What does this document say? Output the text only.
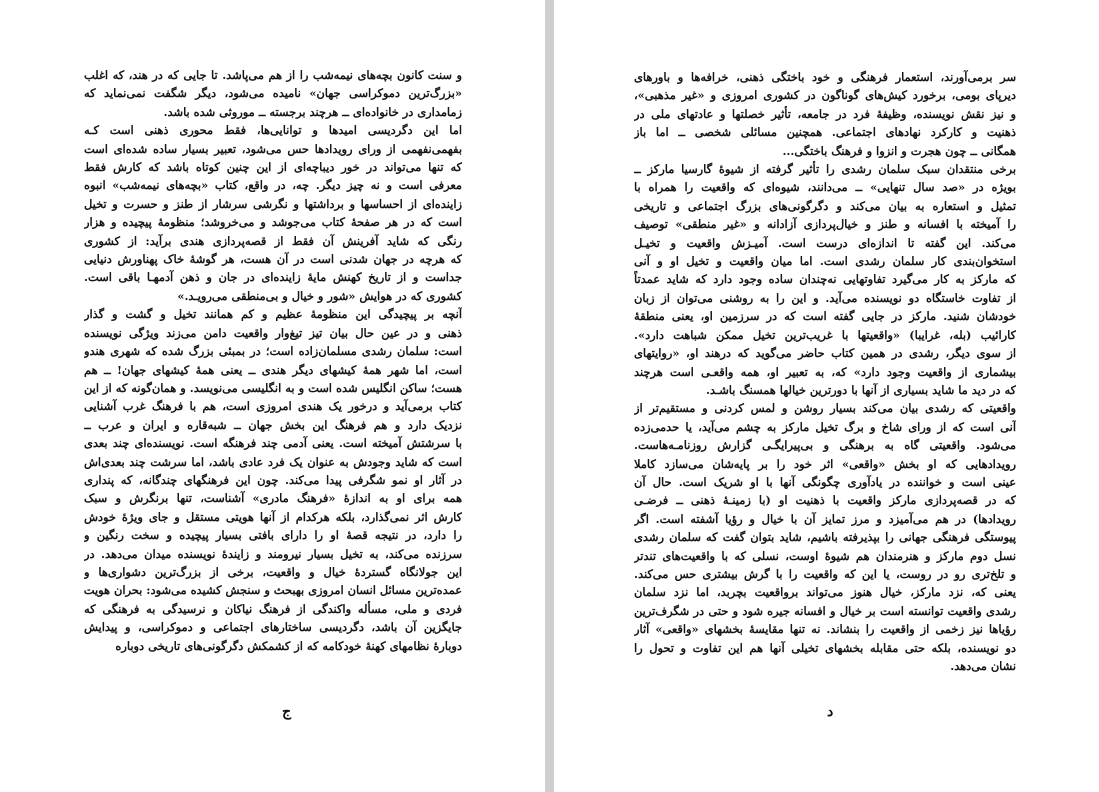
و سنت کانون بچه‌های نیمه‌شب را از هم می‌پاشد. تا جایی که در هند، که اغلب
«بزرگ‌ترین دموکراسی جهان» نامیده می‌شود، دیگر شگفت نمی‌نماید که
زمامداری در خانواده‌ای ــ هرچند برجسته ــ موروثی شده باشد.
اما این دگردیسی امیدها و توانایی‌ها، فقط محوری ذهنی است کـه
بفهمی‌نفهمی از ورای رویدادها حس می‌شود، تعبیر بسیار ساده شده‌ای است
که تنها می‌تواند در خور دیباچه‌ای از این چنین کوتاه باشد که کارش فقط
معرفی است و نه چیز دیگر. چه، در واقع، کتاب «بچه‌های نیمه‌شب» انبوه
زاینده‌ای از احساسها و برداشتها و نگرشی سرشار از طنز و حسرت و تخیل
است که در هر صفحهٔ کتاب می‌جوشد و می‌خروشد؛ منظومهٔ پیچیده و هزار
رنگی که شاید آفرینش آن فقط از قصه‌پردازی هندی برآید: از کشوری
که هرچه در جهان شدنی است در آن هست، هر گوشهٔ خاک پهناورش دنیایی
جداست و از تاریخ کهنش مایهٔ زاینده‌ای در جان و ذهن آدمهـا باقی است.
کشوری که در هوایش «شور و خیال و بی‌منطقی می‌رویـد.»
آنچه بر پیچیدگی این منظومهٔ عظیم و کم همانند تخیل و گشت و گذار
ذهنی و در عین حال بیان تیز تیغ‌وار واقعیت دامن می‌زند ویژگی نویسنده
است: سلمان رشدی مسلمان‌زاده است؛ در بمبئی بزرگ شده که شهری هندو
است، اما شهر همهٔ کیشهای دیگر هندی ــ یعنی همهٔ کیشهای جهان! ــ هم
هست؛ ساکن انگلیس شده است و به انگلیسی می‌نویسد. و همان‌گونه که از این
کتاب برمی‌آید و درخور یک هندی امروزی است، هم با فرهنگ غرب آشنایی
نزدیک دارد و هم فرهنگ این بخش جهان ــ شبه‌قاره و ایران و عرب ــ
با سرشتش آمیخته است. یعنی آدمی چند فرهنگه است. نویسنده‌ای چند بعدی
است که شاید وجودش به عنوان یک فرد عادی باشد، اما سرشت چند بعدی‌اش
در آثار او نمو شگرفی پیدا می‌کند. چون این فرهنگهای چندگانه، که پنداری
همه برای او به اندازهٔ «فرهنگ مادری» آشناست، تنها برنگرش و سبک
کارش اثر نمی‌گذارد، بلکه هرکدام از آنها هویتی مستقل و جای ویژهٔ خودش
را دارد، در نتیجه قصهٔ او را دارای بافتی بسیار پیچیده و سخت رنگین و
سرزنده می‌کند، به تخیل بسیار نیرومند و زایندهٔ نویسنده میدان می‌دهد. در
این جولانگاه گستردهٔ خیال و واقعیت، برخی از بزرگ‌ترین دشواری‌ها و
عمده‌ترین مسائل انسان امروزی بهبحث و سنجش کشیده می‌شود: بحران هویت
فردی و ملی، مسأله واکندگی از فرهنگ نیاکان و نرسیدگی به فرهنگی که
جایگزین آن باشد، دگردیسی ساختارهای اجتماعی و دموکراسی، و پیدایش
دوبارهٔ نظامهای کهنهٔ خودکامه که از کشمکش دگرگونی‌های تاریخی دوباره
ج
سر برمی‌آورند، استعمار فرهنگی و خود باختگی ذهنی، خرافه‌ها و باورهای
دیرپای بومی، برخورد کیش‌های گوناگون در کشوری امروزی و «غیر مذهبی»،
و نیز نقش نویسنده، وظیفهٔ فرد در جامعه، تأثیر خصلتها و عادتهای ملی در
ذهنیت و کارکرد نهادهای اجتماعی. همچنین مسائلی شخصی ــ اما باز
همگانی ــ چون هجرت و انزوا و فرهنگ باختگی...
برخی منتقدان سبک سلمان رشدی را تأثیر گرفته از شیوهٔ گارسیا مارکز ــ
بویژه در «صد سال تنهایی» ــ می‌دانند، شیوه‌ای که واقعیت را همراه با
تمثیل و استعاره به بیان می‌کند و دگرگونی‌های بزرگ اجتماعی و تاریخی
را آمیخته با افسانه و طنز و خیال‌پردازی آزادانه و «غیر منطقی» توصیف
می‌کند. این گفته تا اندازه‌ای درست است. آمیـزش واقعیت و تخیـل
استخوان‌بندی کار سلمان رشدی است. اما میان واقعیت و تخیل او و آنی
که مارکز به کار می‌گیرد تفاوتهایی نه‌چندان ساده وجود دارد که شاید عمدتاً
از تفاوت خاستگاه دو نویسنده می‌آید. و این را به روشنی می‌توان از زبان
خودشان شنید. مارکز در جایی گفته است که در سرزمین او، یعنی منطقهٔ
کارائیب (بله، غرایبا) «واقعیتها با غریب‌ترین تخیل ممکن شباهت دارد».
از سوی دیگر، رشدی در همین کتاب حاضر می‌گوید که درهند او، «روایتهای
بیشماری از واقعیت وجود دارد» که، به تعبیر او، همه واقعـی است هرچند
که در دید ما شاید بسیاری از آنها با دورترین خیالها همسنگ باشـد.
واقعیتی که رشدی بیان می‌کند بسیار روشن و لمس کردنی و مستقیم‌تر از
آنی است که از ورای شاخ و برگ تخیل مارکز به چشم می‌آید، یا حدمی‌زده
می‌شود. واقعیتی گاه به برهنگی و بی‌پیرایگـی گزارش روزنامـه‌هاست.
رویدادهایی که او بخش «واقعی» اثر خود را بر پایه‌شان می‌سازد کاملا
عینی است و خواننده در یادآوری چگونگی آنها با او شریک است. حال آن
که در قصه‌پردازی مارکز واقعیت با ذهنیت او (با زمینـهٔ ذهنی ــ فرضـی
رویدادها) در هم می‌آمیزد و مرز تمایز آن با خیال و رؤیا آشفته است. اگر
پیوستگی فرهنگی جهانی را بپذیرفته باشیم، شاید بتوان گفت که سلمان رشدی
نسل دوم مارکز و هنرمندان هم شیوهٔ اوست، نسلی که با واقعیت‌های تندتر
و تلخ‌تری رو در روست، یا این که واقعیت را با گرش بیشتری حس می‌کند.
یعنی که، نزد مارکز، خیال هنوز می‌تواند برواقعیت بچربد، اما نزد سلمان
رشدی واقعیت توانسته است بر خیال و افسانه جیره شود و حتی در شگرف‌ترین
رؤیاها نیز زخمی از واقعیت را بنشاند. نه تنها مقایسهٔ بخشهای «واقعی» آثار
دو نویسنده، بلکه حتی مقابله بخشهای تخیلی آنها هم این تفاوت و تحول را
نشان می‌دهد.
د
